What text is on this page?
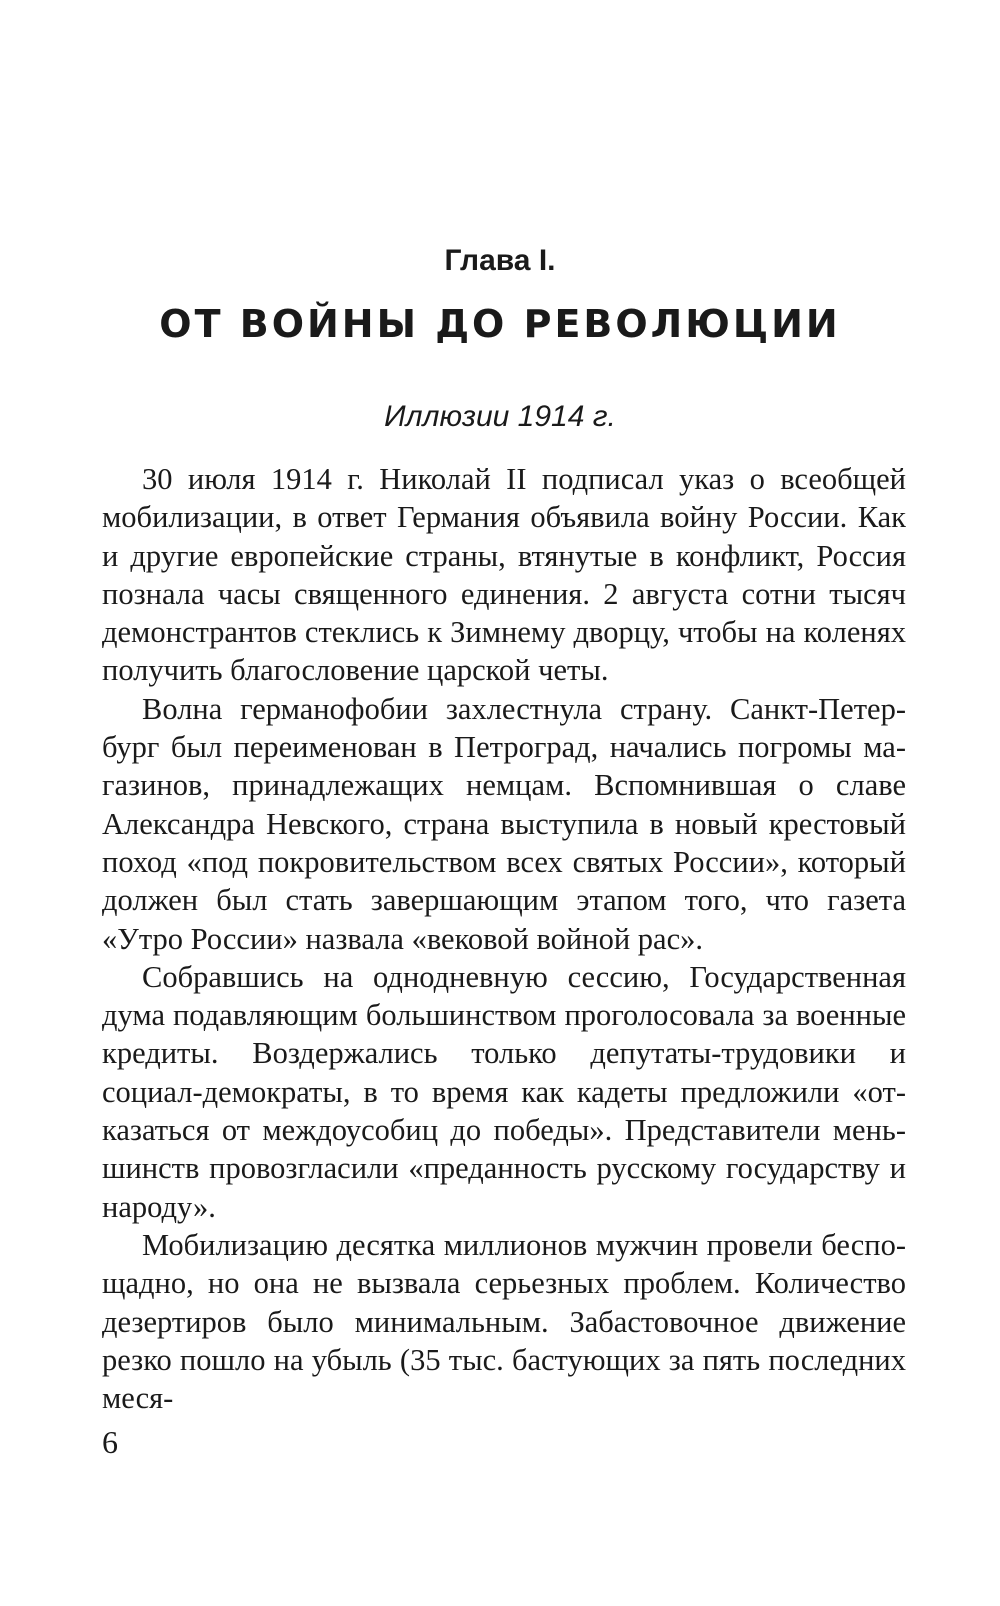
Глава I.
ОТ ВОЙНЫ ДО РЕВОЛЮЦИИ
Иллюзии 1914 г.

30 июля 1914 г. Николай II подписал указ о всеобщей мобилизации, в ответ Германия объявила войну России. Как и другие европейские страны, втянутые в конфликт, Россия познала часы священного единения. 2 августа сотни тысяч демонстрантов стеклись к Зимнему дворцу, чтобы на коленях получить благословение царской четы.

Волна германофобии захлестнула страну. Санкт-Петербург был переименован в Петроград, начались погромы магазинов, принадлежащих немцам. Вспомнившая о славе Александра Невского, страна выступила в новый крестовый поход «под покровительством всех святых России», который должен был стать завершающим этапом того, что газета «Утро России» назвала «вековой войной рас».

Собравшись на однодневную сессию, Государственная дума подавляющим большинством проголосовала за военные кредиты. Воздержались только депутаты-трудовики и социал-демократы, в то время как кадеты предложили «отказаться от междоусобиц до победы». Представители меньшинств провозгласили «преданность русскому государству и народу».

Мобилизацию десятка миллионов мужчин провели беспощадно, но она не вызвала серьезных проблем. Количество дезертиров было минимальным. Забастовочное движение резко пошло на убыль (35 тыс. бастующих за пять последних меся-

6
